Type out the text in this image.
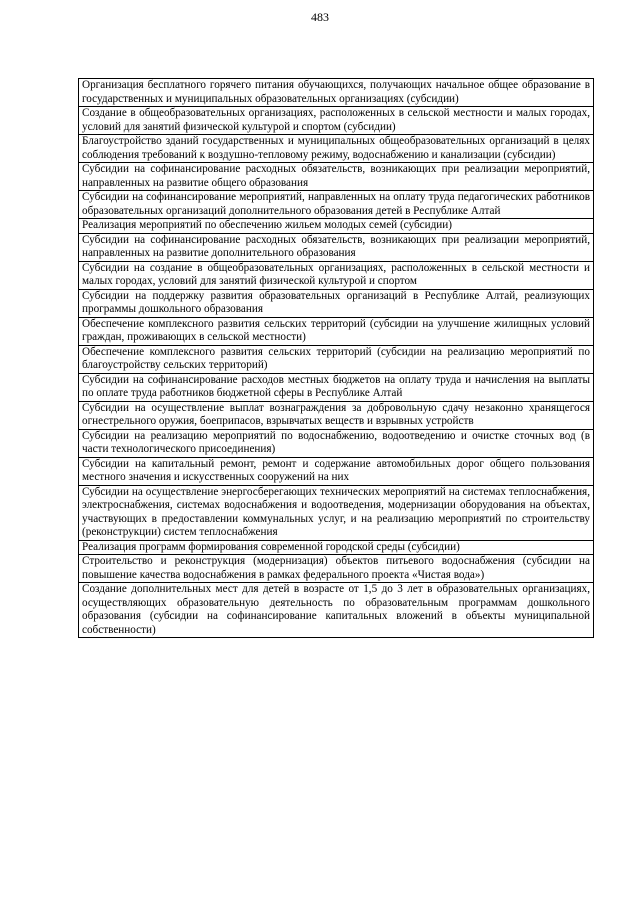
483
Организация бесплатного горячего питания обучающихся, получающих начальное общее образование в государственных и муниципальных образовательных организациях (субсидии)
Создание в общеобразовательных организациях, расположенных в сельской местности и малых городах, условий для занятий физической культурой и спортом (субсидии)
Благоустройство зданий государственных и муниципальных общеобразовательных организаций в целях соблюдения требований к воздушно-тепловому режиму, водоснабжению и канализации (субсидии)
Субсидии на софинансирование расходных обязательств, возникающих при реализации мероприятий, направленных на развитие общего образования
Субсидии на софинансирование мероприятий, направленных на оплату труда педагогических работников образовательных организаций дополнительного образования детей в Республике Алтай
Реализация мероприятий по обеспечению жильем молодых семей (субсидии)
Субсидии на софинансирование расходных обязательств, возникающих при реализации мероприятий, направленных на развитие дополнительного образования
Субсидии на создание в общеобразовательных организациях, расположенных в сельской местности и малых городах, условий для занятий физической культурой и спортом
Субсидии на поддержку развития образовательных организаций в Республике Алтай, реализующих программы дошкольного образования
Обеспечение комплексного развития сельских территорий (субсидии на улучшение жилищных условий граждан, проживающих в сельской местности)
Обеспечение комплексного развития сельских территорий (субсидии на реализацию мероприятий по благоустройству сельских территорий)
Субсидии на софинансирование расходов местных бюджетов на оплату труда и начисления на выплаты по оплате труда работников бюджетной сферы в Республике Алтай
Субсидии на осуществление выплат вознаграждения за добровольную сдачу незаконно хранящегося огнестрельного оружия, боеприпасов, взрывчатых веществ и взрывных устройств
Субсидии на реализацию мероприятий по водоснабжению, водоотведению и очистке сточных вод (в части технологического присоединения)
Субсидии на капитальный ремонт, ремонт и содержание автомобильных дорог общего пользования местного значения и искусственных сооружений на них
Субсидии на осуществление энергосберегающих технических мероприятий на системах теплоснабжения, электроснабжения, системах водоснабжения и водоотведения, модернизации оборудования на объектах, участвующих в предоставлении коммунальных услуг, и на реализацию мероприятий по строительству (реконструкции) систем теплоснабжения
Реализация программ формирования современной городской среды (субсидии)
Строительство и реконструкция (модернизация) объектов питьевого водоснабжения (субсидии на повышение качества водоснабжения в рамках федерального проекта «Чистая вода»)
Создание дополнительных мест для детей в возрасте от 1,5 до 3 лет в образовательных организациях, осуществляющих образовательную деятельность по образовательным программам дошкольного образования (субсидии на софинансирование капитальных вложений в объекты муниципальной собственности)
